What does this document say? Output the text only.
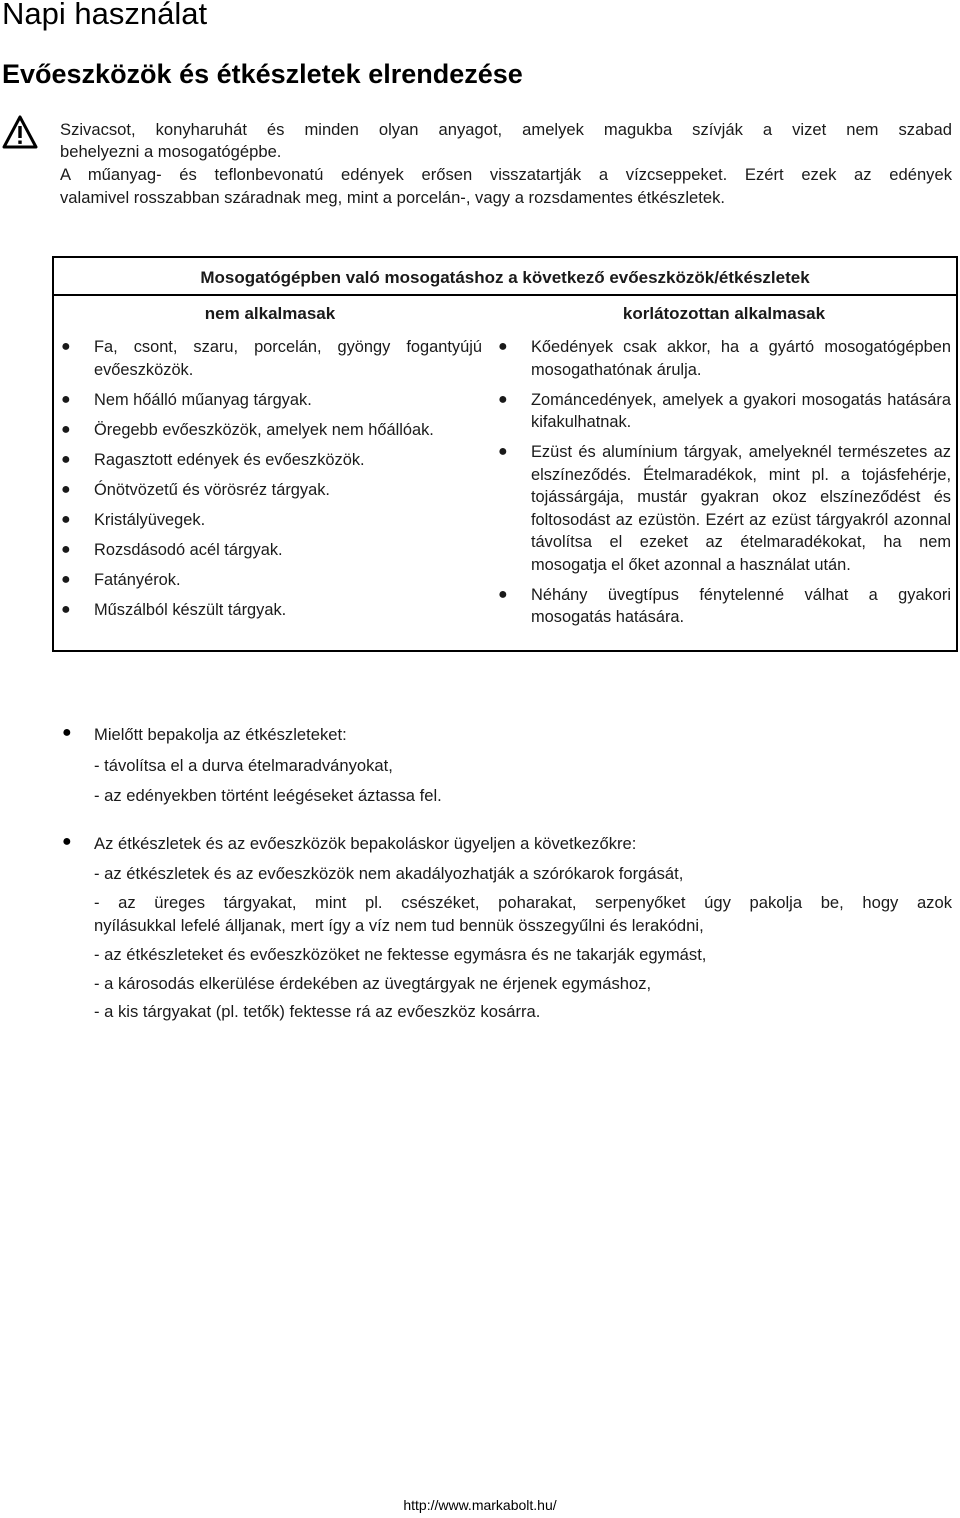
Napi használat
Evőeszközök és étkészletek elrendezése
Szivacsot, konyharuhát és minden olyan anyagot, amelyek magukba szívják a vizet nem szabad
behelyezni a mosogatógépbe.
A műanyag- és teflonbevonatú edények erősen visszatartják a vízcseppeket. Ezért ezek az edények
valamivel rosszabban száradnak meg, mint a porcelán-, vagy a rozsdamentes étkészletek.
Mosogatógépben való mosogatáshoz a következő evőeszközök/étkészletek
nem alkalmasak	korlátozottan alkalmasak
● Fa, csont, szaru, porcelán, gyöngy fogantyújú evőeszközök.
● Nem hőálló műanyag tárgyak.
● Öregebb evőeszközök, amelyek nem hőállóak.
● Ragasztott edények és evőeszközök.
● Ónötvözetű és vörösréz tárgyak.
● Kristályüvegek.
● Rozsdásodó acél tárgyak.
● Fatányérok.
● Műszálból készült tárgyak.
● Kőedények csak akkor, ha a gyártó mosogatógépben mosogathatónak árulja.
● Zománcedények, amelyek a gyakori mosogatás hatására kifakulhatnak.
● Ezüst és alumínium tárgyak, amelyeknél természetes az elszíneződés. Ételmaradékok, mint pl. a tojásfehérje, tojássárgája, mustár gyakran okoz elszíneződést és foltosodást az ezüstön. Ezért az ezüst tárgyakról azonnal távolítsa el ezeket az ételmaradékokat, ha nem mosogatja el őket azonnal a használat után.
● Néhány üvegtípus fénytelenné válhat a gyakori mosogatás hatására.
● Mielőtt bepakolja az étkészleteket:
- távolítsa el a durva ételmaradványokat,
- az edényekben történt leégéseket áztassa fel.
● Az étkészletek és az evőeszközök bepakoláskor ügyeljen a következőkre:
- az étkészletek és az evőeszközök nem akadályozhatják a szórókarok forgását,
- az üreges tárgyakat, mint pl. csészéket, poharakat, serpenyőket úgy pakolja be, hogy azok
nyílásukkal lefelé álljanak, mert így a víz nem tud bennük összegyűlni és lerakódni,
- az étkészleteket és evőeszközöket ne fektesse egymásra és ne takarják egymást,
- a károsodás elkerülése érdekében az üvegtárgyak ne érjenek egymáshoz,
- a kis tárgyakat (pl. tetők) fektesse rá az evőeszköz kosárra.
http://www.markabolt.hu/
